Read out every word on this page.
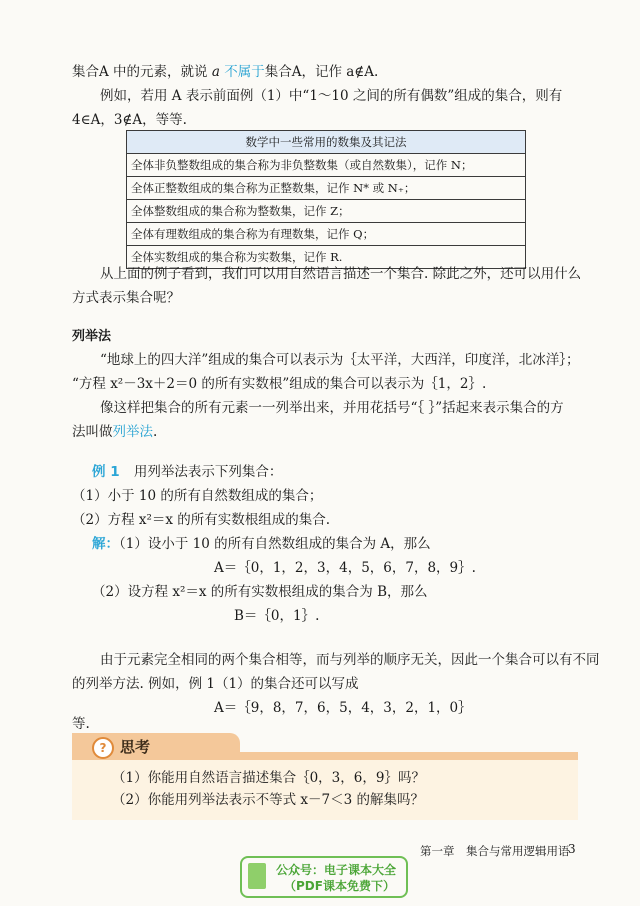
集合A 中的元素，就说 a 不属于集合A，记作 a∉A.
例如，若用 A 表示前面例（1）中“1～10 之间的所有偶数”组成的集合，则有
4∈A，3∉A，等等.
数学中一些常用的数集及其记法
全体非负整数组成的集合称为非负整数集（或自然数集），记作 N；
全体正整数组成的集合称为正整数集，记作 N* 或 N₊；
全体整数组成的集合称为整数集，记作 Z；
全体有理数组成的集合称为有理数集，记作 Q；
全体实数组成的集合称为实数集，记作 R.
从上面的例子看到，我们可以用自然语言描述一个集合. 除此之外，还可以用什么
方式表示集合呢？
列举法
“地球上的四大洋”组成的集合可以表示为｛太平洋，大西洋，印度洋，北冰洋｝；
“方程 x²－3x＋2＝0 的所有实数根”组成的集合可以表示为｛1，2｝.
像这样把集合的所有元素一一列举出来，并用花括号“｛ ｝”括起来表示集合的方
法叫做列举法.
例 1 用列举法表示下列集合：
（1）小于 10 的所有自然数组成的集合；
（2）方程 x²＝x 的所有实数根组成的集合.
解：（1）设小于 10 的所有自然数组成的集合为 A，那么
A＝｛0，1，2，3，4，5，6，7，8，9｝.
（2）设方程 x²＝x 的所有实数根组成的集合为 B，那么
B＝｛0，1｝.
由于元素完全相同的两个集合相等，而与列举的顺序无关，因此一个集合可以有不同
的列举方法. 例如，例 1（1）的集合还可以写成
A＝｛9，8，7，6，5，4，3，2，1，0｝
等.
? 思考
（1）你能用自然语言描述集合｛0，3，6，9｝吗？
（2）你能用列举法表示不等式 x－7＜3 的解集吗？
第一章　集合与常用逻辑用语
3
公众号：电子课本大全
（PDF课本免费下）
